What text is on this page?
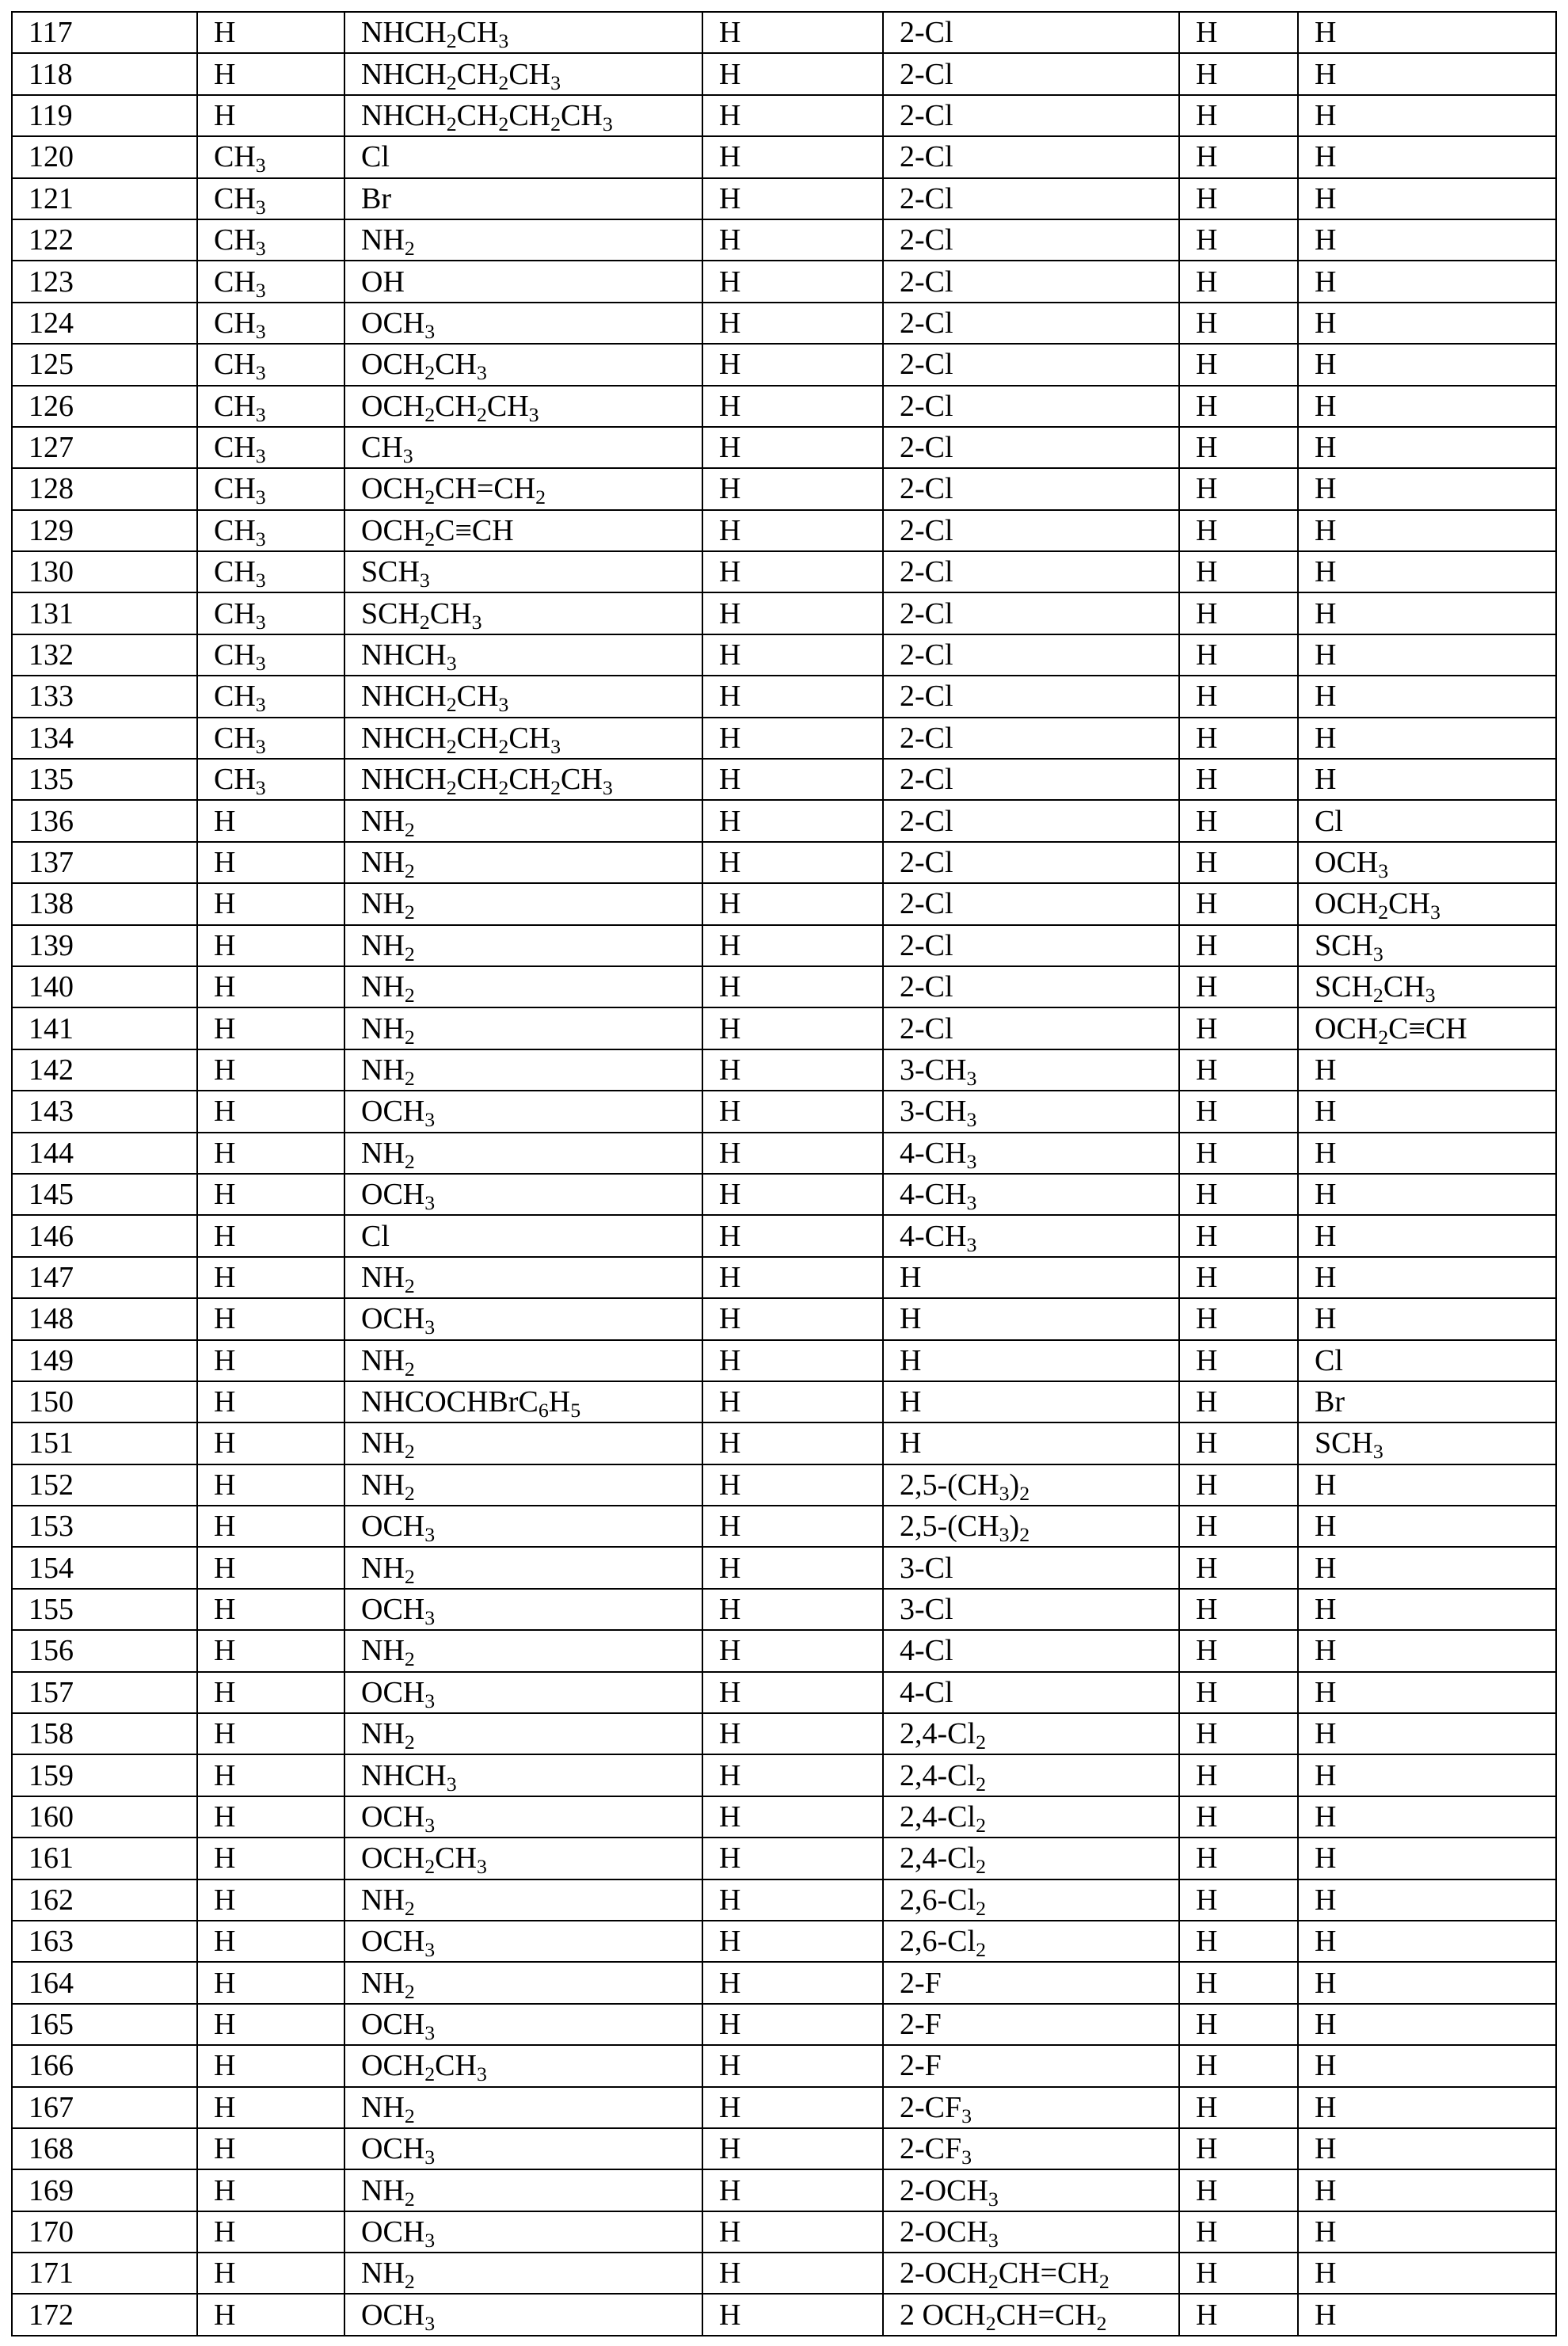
117	H	$NHCH_2CH_3$	H	2-Cl	H	H
118	H	$NHCH_2CH_2CH_3$	H	2-Cl	H	H
119	H	$NHCH_2CH_2CH_2CH_3$	H	2-Cl	H	H
120	$CH_3$	Cl	H	2-Cl	H	H
121	$CH_3$	Br	H	2-Cl	H	H
122	$CH_3$	$NH_2$	H	2-Cl	H	H
123	$CH_3$	OH	H	2-Cl	H	H
124	$CH_3$	$OCH_3$	H	2-Cl	H	H
125	$CH_3$	$OCH_2CH_3$	H	2-Cl	H	H
126	$CH_3$	$OCH_2CH_2CH_3$	H	2-Cl	H	H
127	$CH_3$	$CH_3$	H	2-Cl	H	H
128	$CH_3$	$OCH_2CH=CH_2$	H	2-Cl	H	H
129	$CH_3$	$OCH_2C\equiv CH$	H	2-Cl	H	H
130	$CH_3$	$SCH_3$	H	2-Cl	H	H
131	$CH_3$	$SCH_2CH_3$	H	2-Cl	H	H
132	$CH_3$	$NHCH_3$	H	2-Cl	H	H
133	$CH_3$	$NHCH_2CH_3$	H	2-Cl	H	H
134	$CH_3$	$NHCH_2CH_2CH_3$	H	2-Cl	H	H
135	$CH_3$	$NHCH_2CH_2CH_2CH_3$	H	2-Cl	H	H
136	H	$NH_2$	H	2-Cl	H	Cl
137	H	$NH_2$	H	2-Cl	H	$OCH_3$
138	H	$NH_2$	H	2-Cl	H	$OCH_2CH_3$
139	H	$NH_2$	H	2-Cl	H	$SCH_3$
140	H	$NH_2$	H	2-Cl	H	$SCH_2CH_3$
141	H	$NH_2$	H	2-Cl	H	$OCH_2C\equiv CH$
142	H	$NH_2$	H	$3-CH_3$	H	H
143	H	$OCH_3$	H	$3-CH_3$	H	H
144	H	$NH_2$	H	$4-CH_3$	H	H
145	H	$OCH_3$	H	$4-CH_3$	H	H
146	H	Cl	H	$4-CH_3$	H	H
147	H	$NH_2$	H	H	H	H
148	H	$OCH_3$	H	H	H	H
149	H	$NH_2$	H	H	H	Cl
150	H	$NHCOCHBrC_6H_5$	H	H	H	Br
151	H	$NH_2$	H	H	H	$SCH_3$
152	H	$NH_2$	H	$2,5-(CH_3)_2$	H	H
153	H	$OCH_3$	H	$2,5-(CH_3)_2$	H	H
154	H	$NH_2$	H	3-Cl	H	H
155	H	$OCH_3$	H	3-Cl	H	H
156	H	$NH_2$	H	4-Cl	H	H
157	H	$OCH_3$	H	4-Cl	H	H
158	H	$NH_2$	H	$2,4-Cl_2$	H	H
159	H	$NHCH_3$	H	$2,4-Cl_2$	H	H
160	H	$OCH_3$	H	$2,4-Cl_2$	H	H
161	H	$OCH_2CH_3$	H	$2,4-Cl_2$	H	H
162	H	$NH_2$	H	$2,6-Cl_2$	H	H
163	H	$OCH_3$	H	$2,6-Cl_2$	H	H
164	H	$NH_2$	H	2-F	H	H
165	H	$OCH_3$	H	2-F	H	H
166	H	$OCH_2CH_3$	H	2-F	H	H
167	H	$NH_2$	H	$2-CF_3$	H	H
168	H	$OCH_3$	H	$2-CF_3$	H	H
169	H	$NH_2$	H	$2-OCH_3$	H	H
170	H	$OCH_3$	H	$2-OCH_3$	H	H
171	H	$NH_2$	H	$2-OCH_2CH=CH_2$	H	H
172	H	$OCH_3$	H	2 $OCH_2CH=CH_2$	H	H
